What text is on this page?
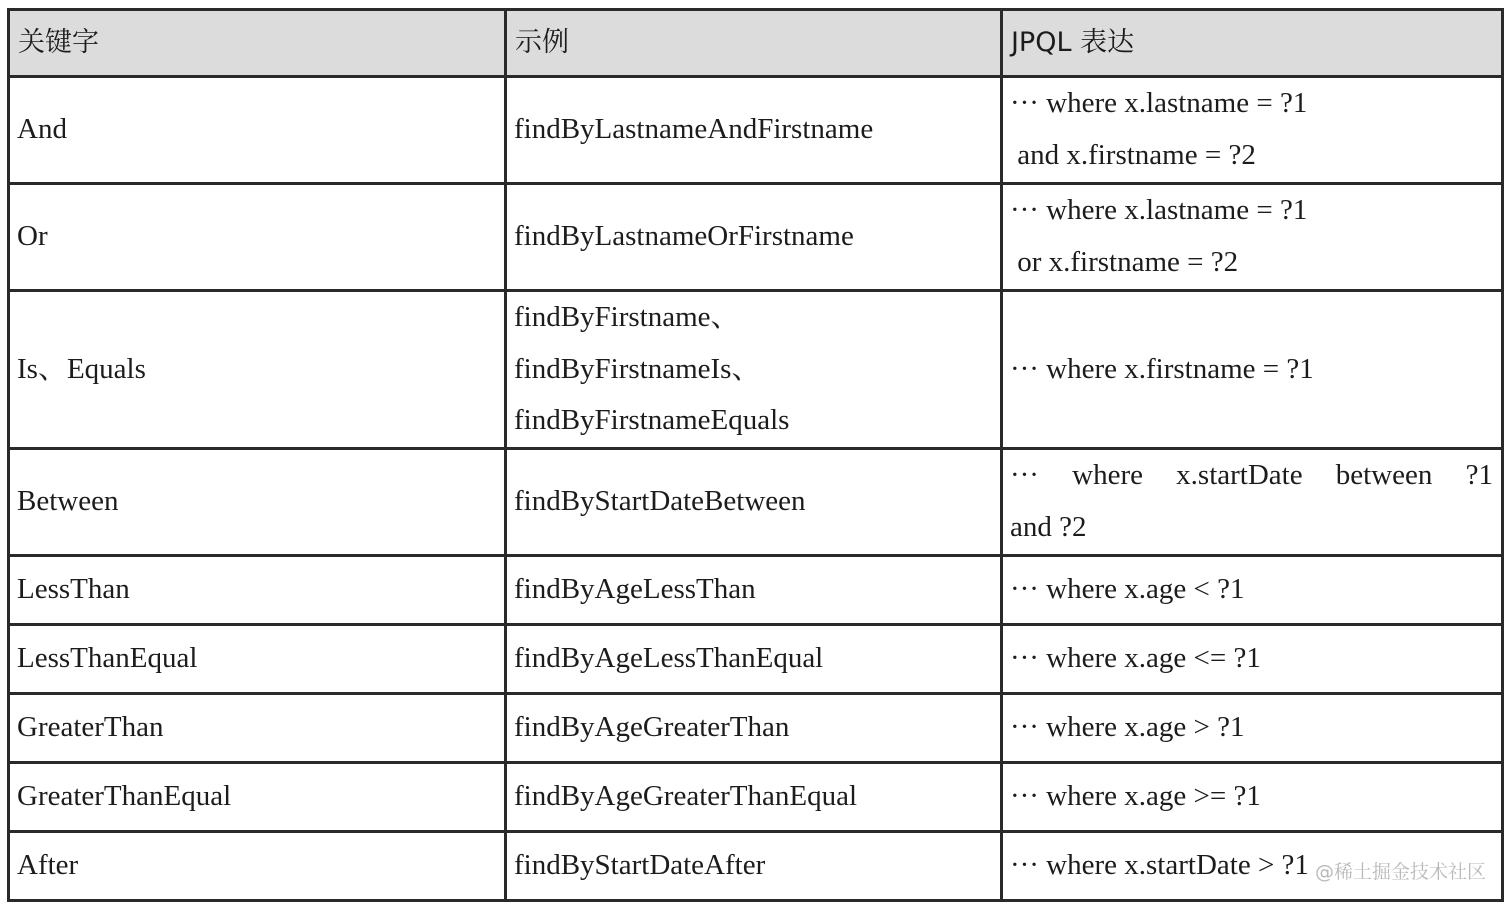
关键字	示例	JPQL 表达
And	findByLastnameAndFirstname	··· where x.lastname = ?1
and x.firstname = ?2

Or	findByLastnameOrFirstname	··· where x.lastname = ?1
or x.firstname = ?2

Is、Equals	findByFirstname、
findByFirstnameIs、
findByFirstnameEquals	··· where x.firstname = ?1

Between	findByStartDateBetween	··· where x.startDate between ?1
and ?2

LessThan	findByAgeLessThan	··· where x.age < ?1

LessThanEqual	findByAgeLessThanEqual	··· where x.age <= ?1

GreaterThan	findByAgeGreaterThan	··· where x.age > ?1

GreaterThanEqual	findByAgeGreaterThanEqual	··· where x.age >= ?1

After	findByStartDateAfter	··· where x.startDate > ?1 @稀土掘金技术社区
